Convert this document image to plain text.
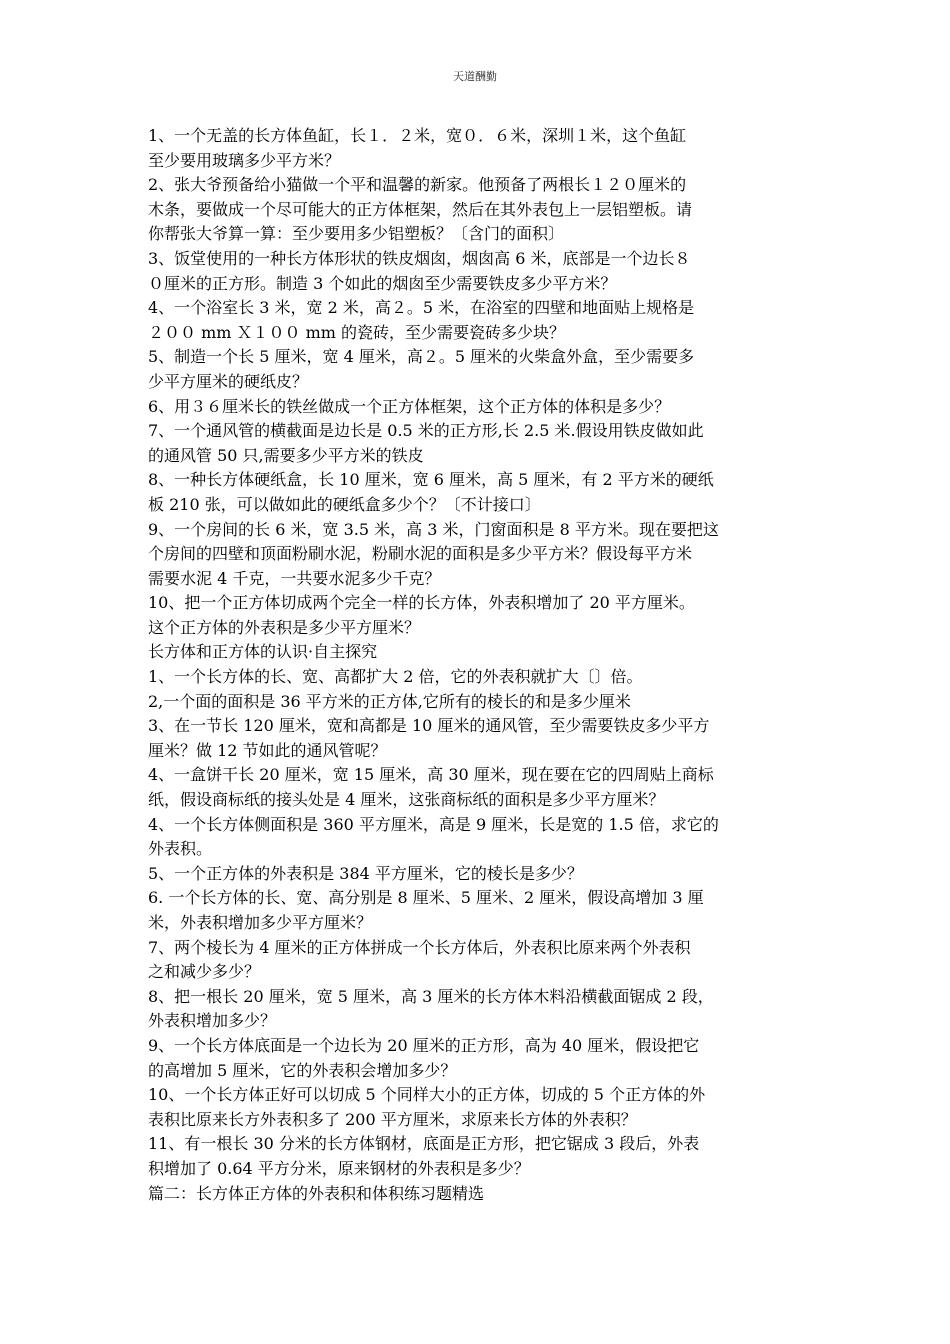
天道酬勤
1、一个无盖的长方体鱼缸，长１．２米，宽０．６米，深圳１米，这个鱼缸
至少要用玻璃多少平方米？
2、张大爷预备给小猫做一个平和温馨的新家。他预备了两根长１２０厘米的
木条，要做成一个尽可能大的正方体框架，然后在其外表包上一层铝塑板。请
你帮张大爷算一算：至少要用多少铝塑板？〔含门的面积〕
3、饭堂使用的一种长方体形状的铁皮烟囱，烟囱高 6 米，底部是一个边长８
０厘米的正方形。制造 3 个如此的烟囱至少需要铁皮多少平方米？
4、一个浴室长 3 米，宽 2 米，高２。5 米，在浴室的四壁和地面贴上规格是
２００ mm Ｘ１００ mm 的瓷砖，至少需要瓷砖多少块？
5、制造一个长 5 厘米，宽 4 厘米，高２。5 厘米的火柴盒外盒，至少需要多
少平方厘米的硬纸皮？
6、用３６厘米长的铁丝做成一个正方体框架，这个正方体的体积是多少？
7、一个通风管的横截面是边长是 0.5 米的正方形,长 2.5 米.假设用铁皮做如此
的通风管 50 只,需要多少平方米的铁皮
8、一种长方体硬纸盒，长 10 厘米，宽 6 厘米，高 5 厘米，有 2 平方米的硬纸
板 210 张，可以做如此的硬纸盒多少个？〔不计接口〕
9、一个房间的长 6 米，宽 3.5 米，高 3 米，门窗面积是 8 平方米。现在要把这
个房间的四壁和顶面粉刷水泥，粉刷水泥的面积是多少平方米？假设每平方米
需要水泥 4 千克，一共要水泥多少千克？
10、把一个正方体切成两个完全一样的长方体，外表积增加了 20 平方厘米。
这个正方体的外表积是多少平方厘米？
长方体和正方体的认识·自主探究
1、一个长方体的长、宽、高都扩大 2 倍，它的外表积就扩大〔〕倍。
2,一个面的面积是 36 平方米的正方体,它所有的棱长的和是多少厘米
3、在一节长 120 厘米，宽和高都是 10 厘米的通风管，至少需要铁皮多少平方
厘米？做 12 节如此的通风管呢？
4、一盒饼干长 20 厘米，宽 15 厘米，高 30 厘米，现在要在它的四周贴上商标
纸，假设商标纸的接头处是 4 厘米，这张商标纸的面积是多少平方厘米？
4、一个长方体侧面积是 360 平方厘米，高是 9 厘米，长是宽的 1.5 倍，求它的
外表积。
5、一个正方体的外表积是 384 平方厘米，它的棱长是多少？
6. 一个长方体的长、宽、高分别是 8 厘米、5 厘米、2 厘米，假设高增加 3 厘
米，外表积增加多少平方厘米？
7、两个棱长为 4 厘米的正方体拼成一个长方体后，外表积比原来两个外表积
之和减少多少？
8、把一根长 20 厘米，宽 5 厘米，高 3 厘米的长方体木料沿横截面锯成 2 段，
外表积增加多少？
9、一个长方体底面是一个边长为 20 厘米的正方形，高为 40 厘米，假设把它
的高增加 5 厘米，它的外表积会增加多少？
10、一个长方体正好可以切成 5 个同样大小的正方体，切成的 5 个正方体的外
表积比原来长方外表积多了 200 平方厘米，求原来长方体的外表积？
11、有一根长 30 分米的长方体钢材，底面是正方形，把它锯成 3 段后，外表
积增加了 0.64 平方分米，原来钢材的外表积是多少？
篇二：长方体正方体的外表积和体积练习题精选
